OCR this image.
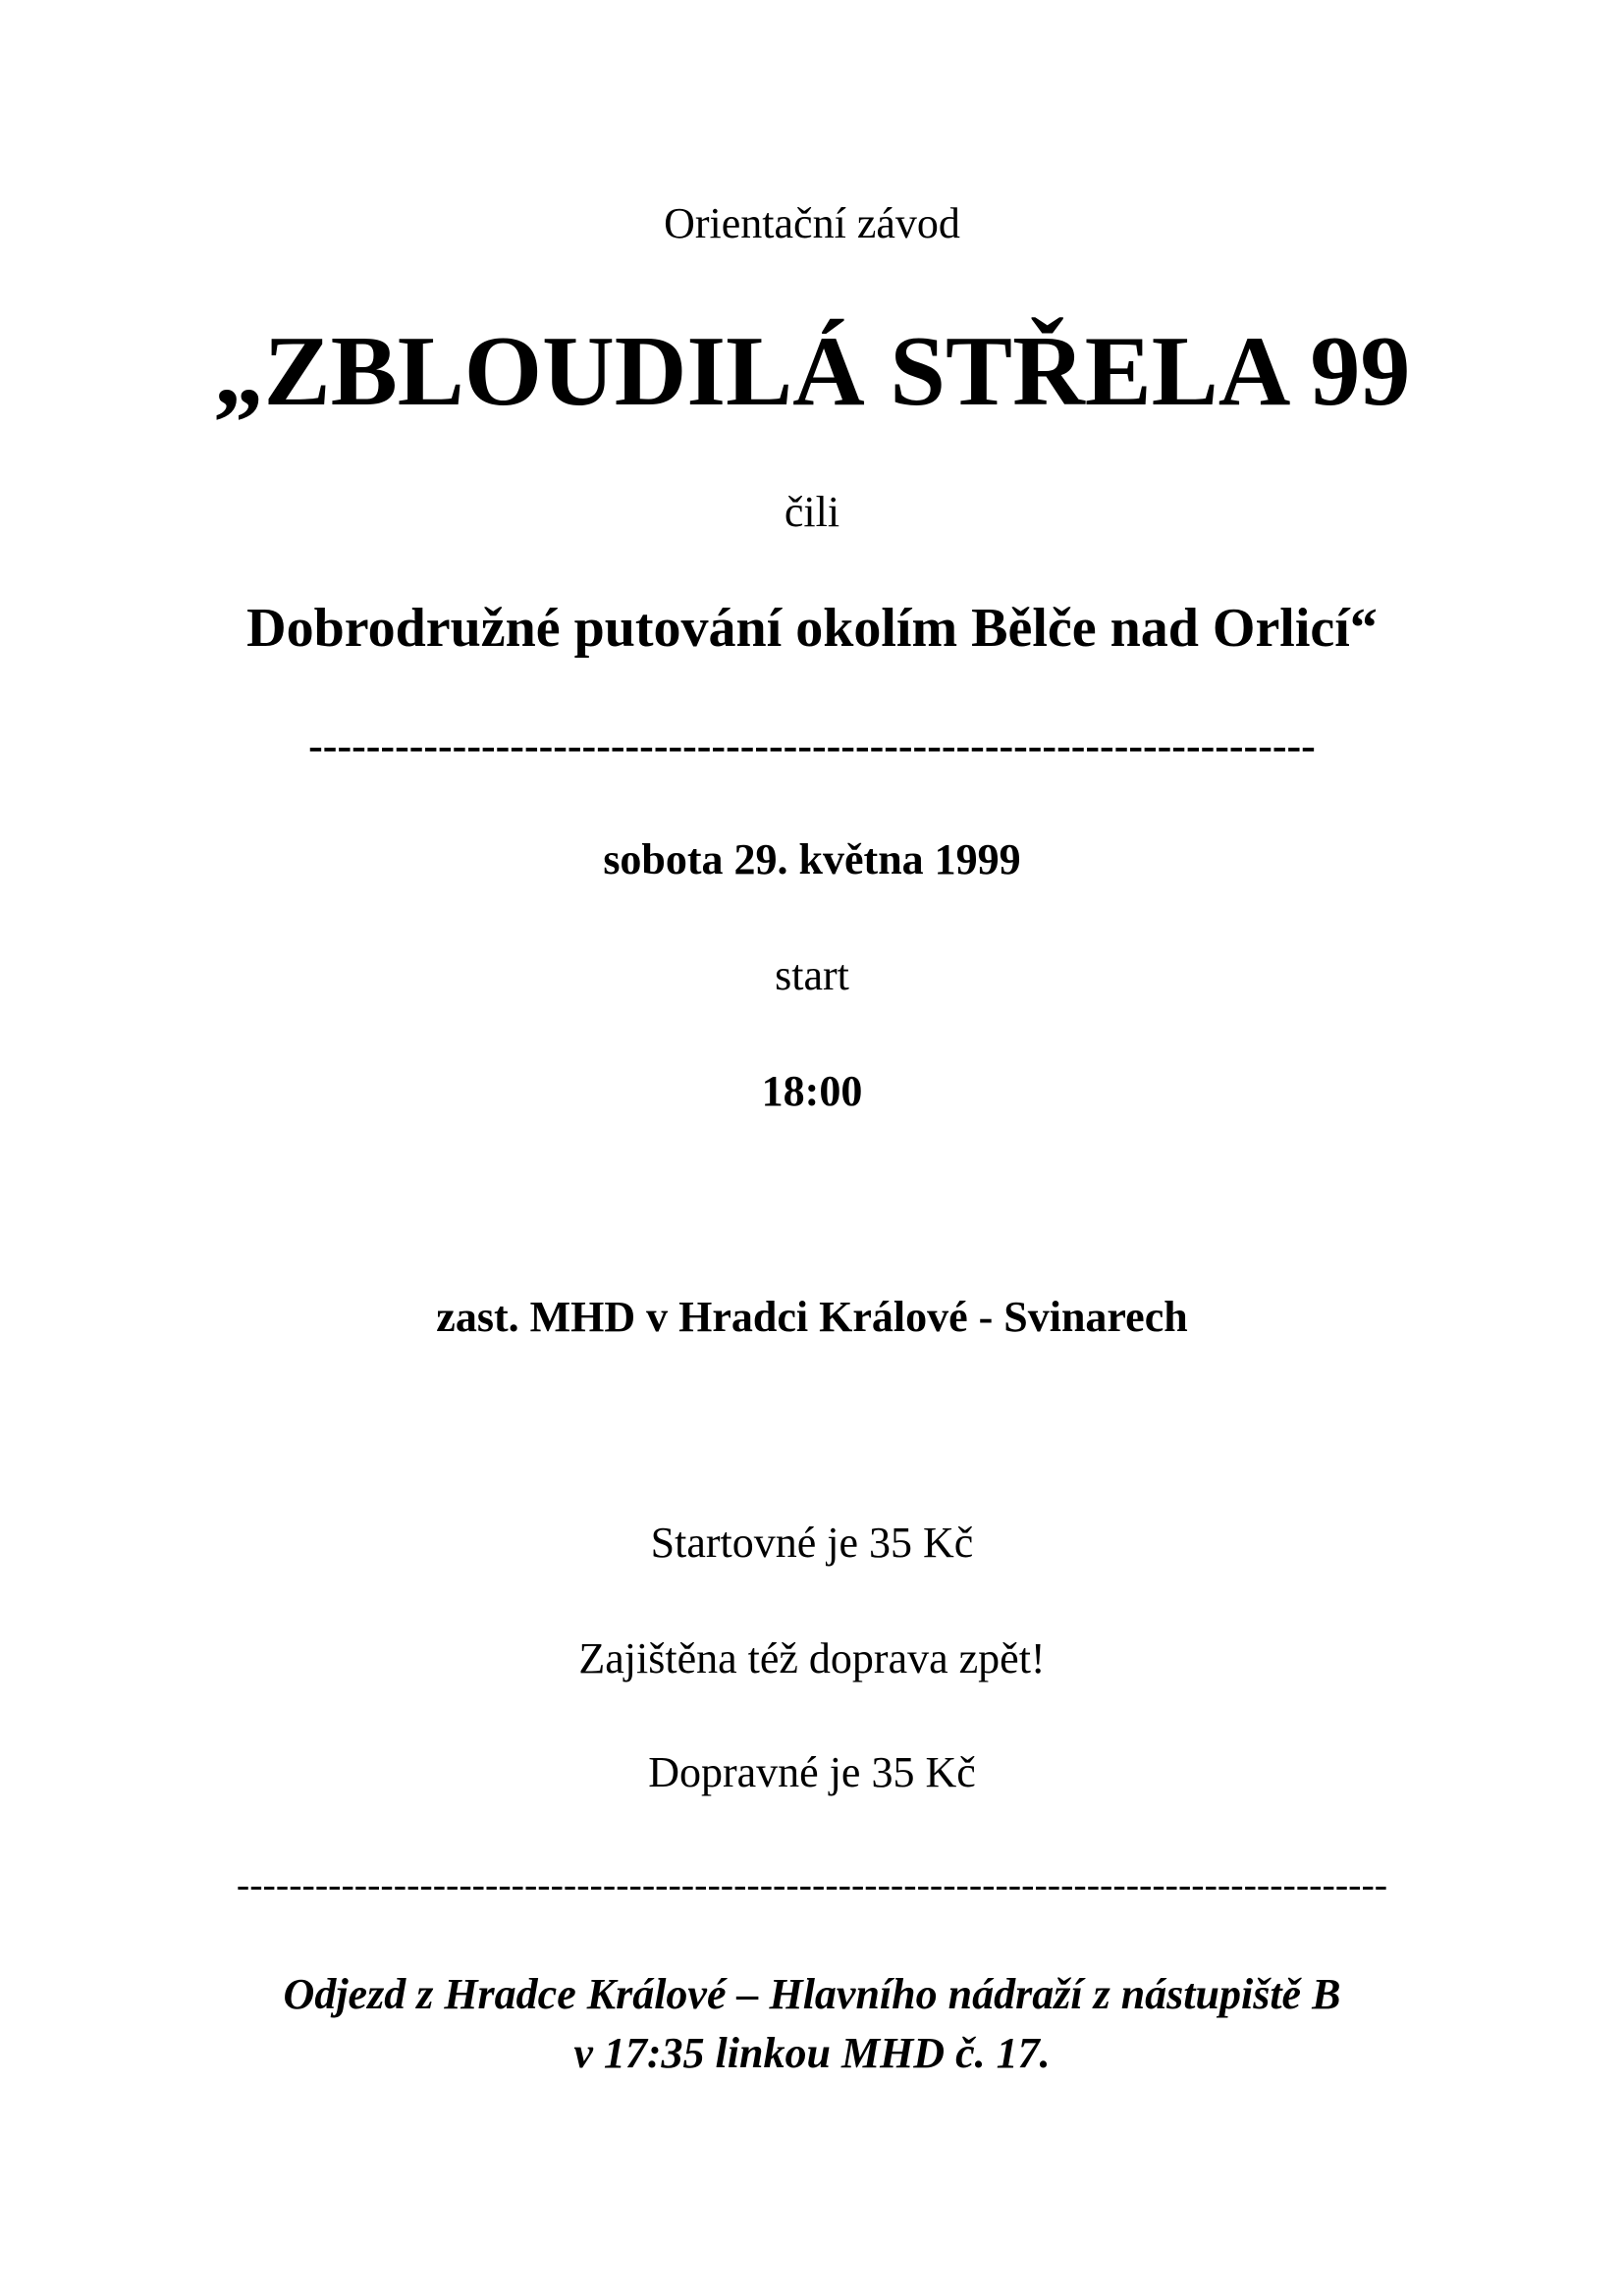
Orientační závod
„ZBLOUDILÁ STŘELA 99
čili
Dobrodružné putování okolím Bělče nad Orlicí“
----------------------------------------------------------------------
sobota 29. května 1999
start
18:00
zast. MHD v Hradci Králové - Svinarech
Startovné je 35 Kč
Zajištěna též doprava zpět!
Dopravné je 35 Kč
----------------------------------------------------------------------------------------
Odjezd z Hradce Králové – Hlavního nádraží z nástupiště B
v 17:35 linkou MHD č. 17.
